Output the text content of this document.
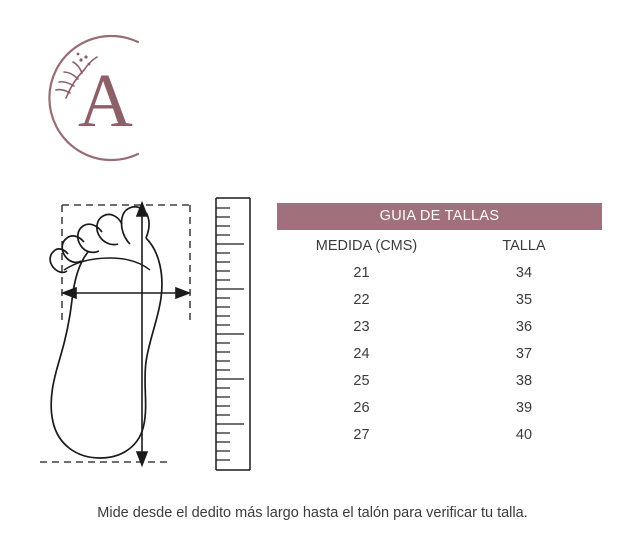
A
GUIA DE TALLAS	
MEDIDA (CMS)	TALLA
21	34
22	35
23	36
24	37
25	38
26	39
27	40
Mide desde el dedito más largo hasta el talón para verificar tu talla.
